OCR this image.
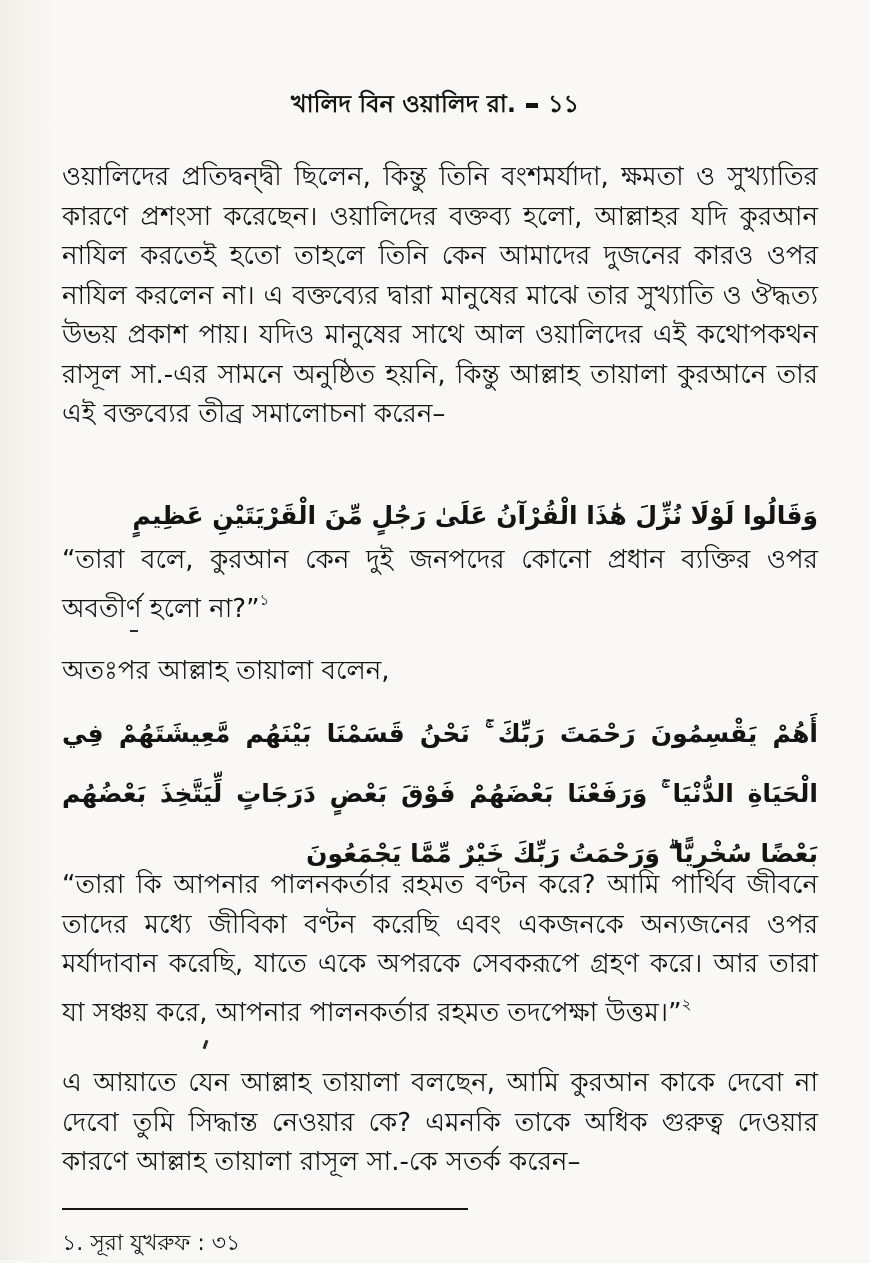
খালিদ বিন ওয়ালিদ রা. ১১

ওয়ালিদের প্রতিদ্বন্দ্বী ছিলেন, কিন্তু তিনি বংশমর্যাদা, ক্ষমতা ও সুখ্যাতির কারণে প্রশংসা করেছেন। ওয়ালিদের বক্তব্য হলো, আল্লাহর যদি কুরআন নাযিল করতেই হতো তাহলে তিনি কেন আমাদের দুজনের কারও ওপর নাযিল করলেন না। এ বক্তব্যের দ্বারা মানুষের মাঝে তার সুখ্যাতি ও ঔদ্ধত্য উভয় প্রকাশ পায়। যদিও মানুষের সাথে আল ওয়ালিদের এই কথোপকথন রাসূল সা.-এর সামনে অনুষ্ঠিত হয়নি, কিন্তু আল্লাহ তায়ালা কুরআনে তার এই বক্তব্যের তীব্র সমালোচনা করেন–

وَقَالُوا لَوْلَا نُزِّلَ هَٰذَا الْقُرْآنُ عَلَىٰ رَجُلٍ مِّنَ الْقَرْيَتَيْنِ عَظِيمٍ

“তারা বলে, কুরআন কেন দুই জনপদের কোনো প্রধান ব্যক্তির ওপর অবতীর্ণ হলো না?”$^১$

অতঃপর আল্লাহ তায়ালা বলেন,

أَهُمْ يَقْسِمُونَ رَحْمَتَ رَبِّكَ ۚ نَحْنُ قَسَمْنَا بَيْنَهُم مَّعِيشَتَهُمْ فِي الْحَيَاةِ الدُّنْيَا ۚ وَرَفَعْنَا بَعْضَهُمْ فَوْقَ بَعْضٍ دَرَجَاتٍ لِّيَتَّخِذَ بَعْضُهُم بَعْضًا سُخْرِيًّا ۗ وَرَحْمَتُ رَبِّكَ خَيْرٌ مِّمَّا يَجْمَعُونَ

“তারা কি আপনার পালনকর্তার রহমত বণ্টন করে? আমি পার্থিব জীবনে তাদের মধ্যে জীবিকা বণ্টন করেছি এবং একজনকে অন্যজনের ওপর মর্যাদাবান করেছি, যাতে একে অপরকে সেবকরূপে গ্রহণ করে। আর তারা যা সঞ্চয় করে, আপনার পালনকর্তার রহমত তদপেক্ষা উত্তম।”$^২$

এ আয়াতে যেন আল্লাহ তায়ালা বলছেন, আমি কুরআন কাকে দেবো না দেবো তুমি সিদ্ধান্ত নেওয়ার কে? এমনকি তাকে অধিক গুরুত্ব দেওয়ার কারণে আল্লাহ তায়ালা রাসূল সা.-কে সতর্ক করেন–

১. সূরা যুখরুফ : ৩১
